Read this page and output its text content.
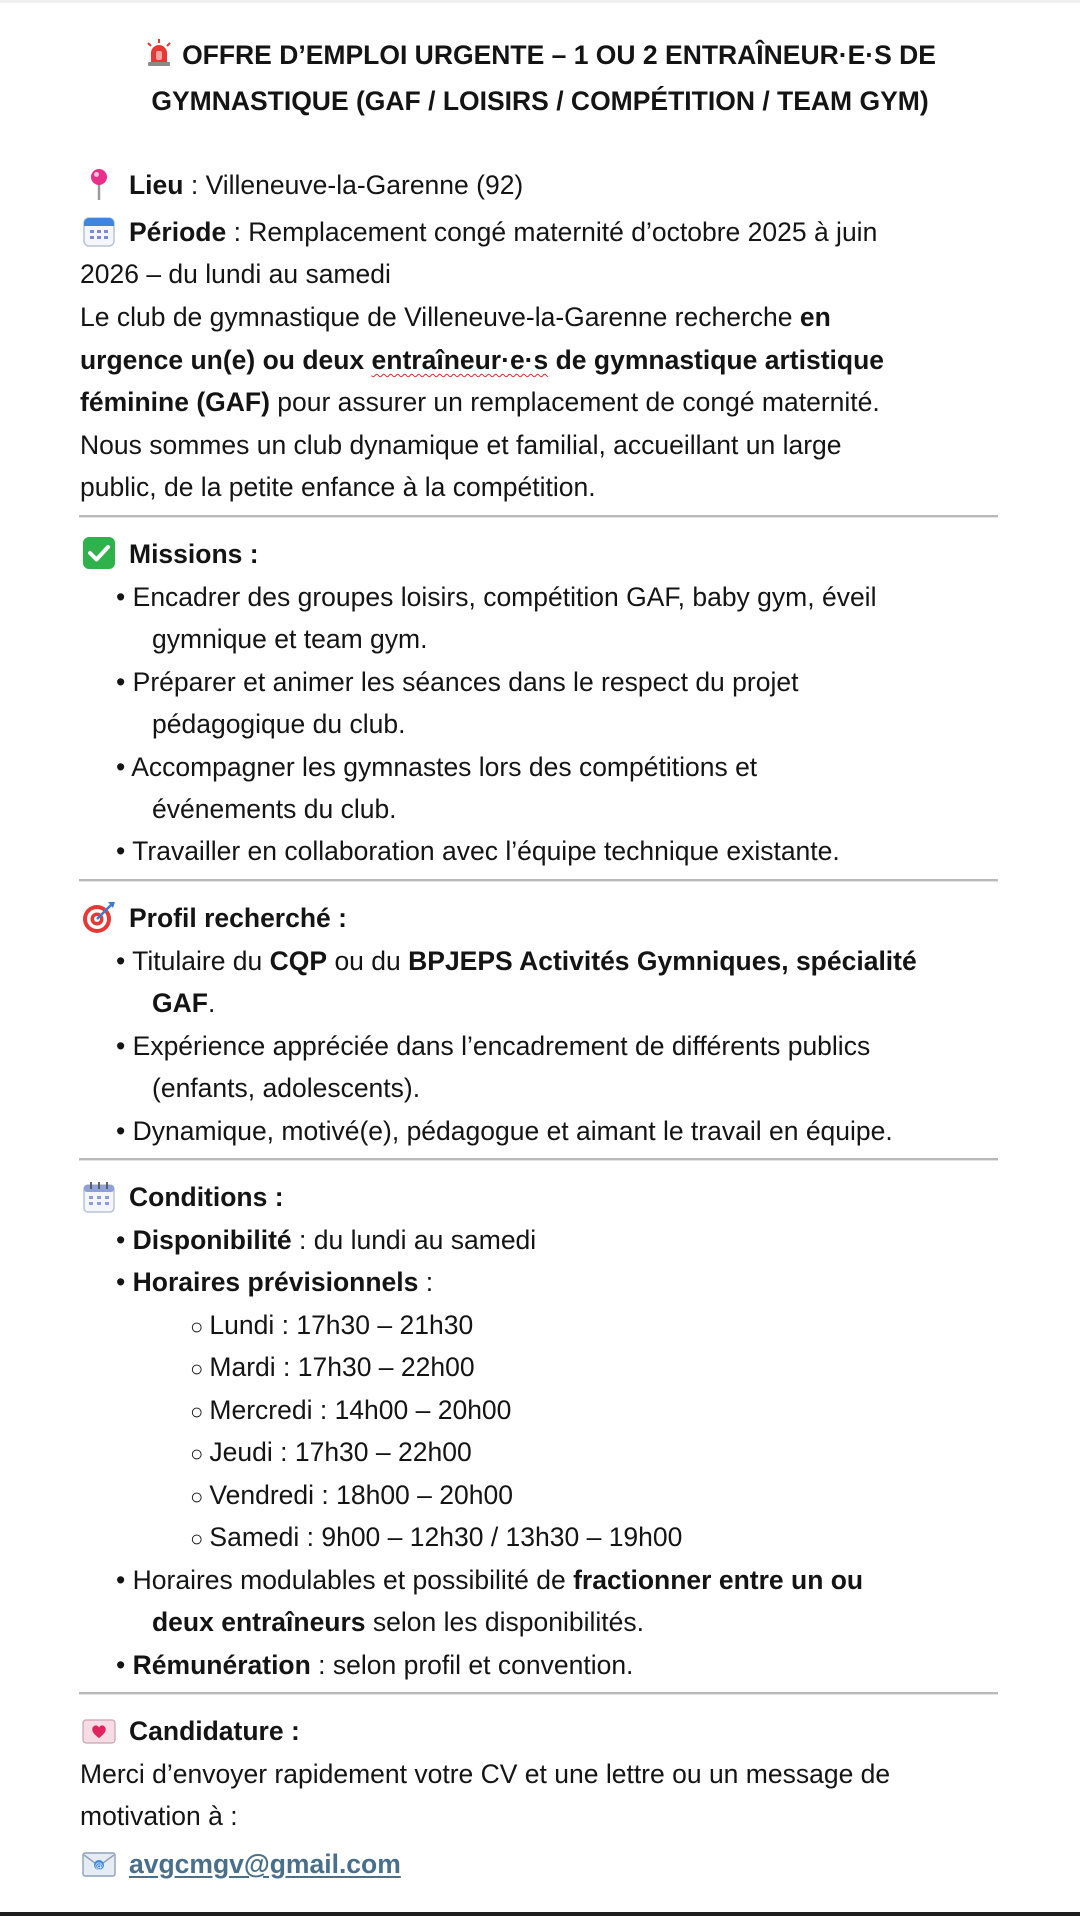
OFFRE D’EMPLOI URGENTE – 1 OU 2 ENTRAÎNEUR·E·S DE
GYMNASTIQUE (GAF / LOISIRS / COMPÉTITION / TEAM GYM)
Lieu : Villeneuve-la-Garenne (92)
Période : Remplacement congé maternité d’octobre 2025 à juin
2026 – du lundi au samedi
Le club de gymnastique de Villeneuve-la-Garenne recherche en
urgence un(e) ou deux entraîneur·e·s de gymnastique artistique
féminine (GAF) pour assurer un remplacement de congé maternité.
Nous sommes un club dynamique et familial, accueillant un large
public, de la petite enfance à la compétition.
Missions :
• Encadrer des groupes loisirs, compétition GAF, baby gym, éveil
gymnique et team gym.
• Préparer et animer les séances dans le respect du projet
pédagogique du club.
• Accompagner les gymnastes lors des compétitions et
événements du club.
• Travailler en collaboration avec l’équipe technique existante.
Profil recherché :
• Titulaire du CQP ou du BPJEPS Activités Gymniques, spécialité
GAF.
• Expérience appréciée dans l’encadrement de différents publics
(enfants, adolescents).
• Dynamique, motivé(e), pédagogue et aimant le travail en équipe.
Conditions :
• Disponibilité : du lundi au samedi
• Horaires prévisionnels :
○ Lundi : 17h30 – 21h30
○ Mardi : 17h30 – 22h00
○ Mercredi : 14h00 – 20h00
○ Jeudi : 17h30 – 22h00
○ Vendredi : 18h00 – 20h00
○ Samedi : 9h00 – 12h30 / 13h30 – 19h00
• Horaires modulables et possibilité de fractionner entre un ou
deux entraîneurs selon les disponibilités.
• Rémunération : selon profil et convention.
Candidature :
Merci d’envoyer rapidement votre CV et une lettre ou un message de
motivation à :
@ avgcmgv@gmail.com
